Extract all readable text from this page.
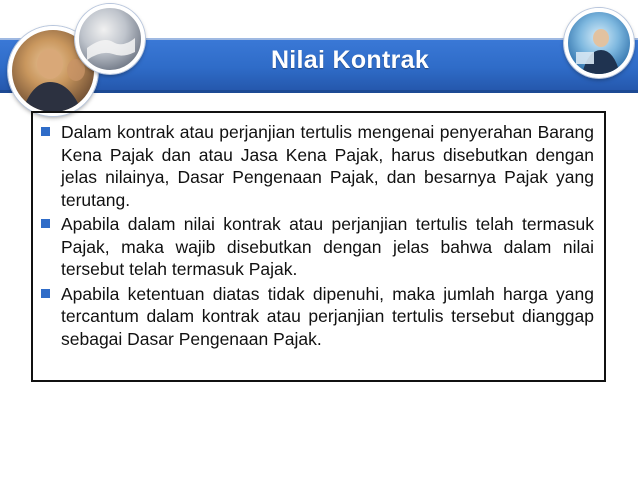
Nilai Kontrak
Dalam kontrak atau perjanjian tertulis mengenai penyerahan Barang Kena Pajak dan atau Jasa Kena Pajak, harus disebutkan dengan jelas nilainya, Dasar Pengenaan Pajak, dan besarnya Pajak yang terutang.
Apabila dalam nilai kontrak atau perjanjian tertulis telah termasuk Pajak, maka wajib disebutkan dengan jelas bahwa dalam nilai tersebut telah termasuk Pajak.
Apabila ketentuan diatas tidak dipenuhi, maka jumlah harga yang tercantum dalam kontrak atau perjanjian tertulis tersebut dianggap sebagai Dasar Pengenaan Pajak.
